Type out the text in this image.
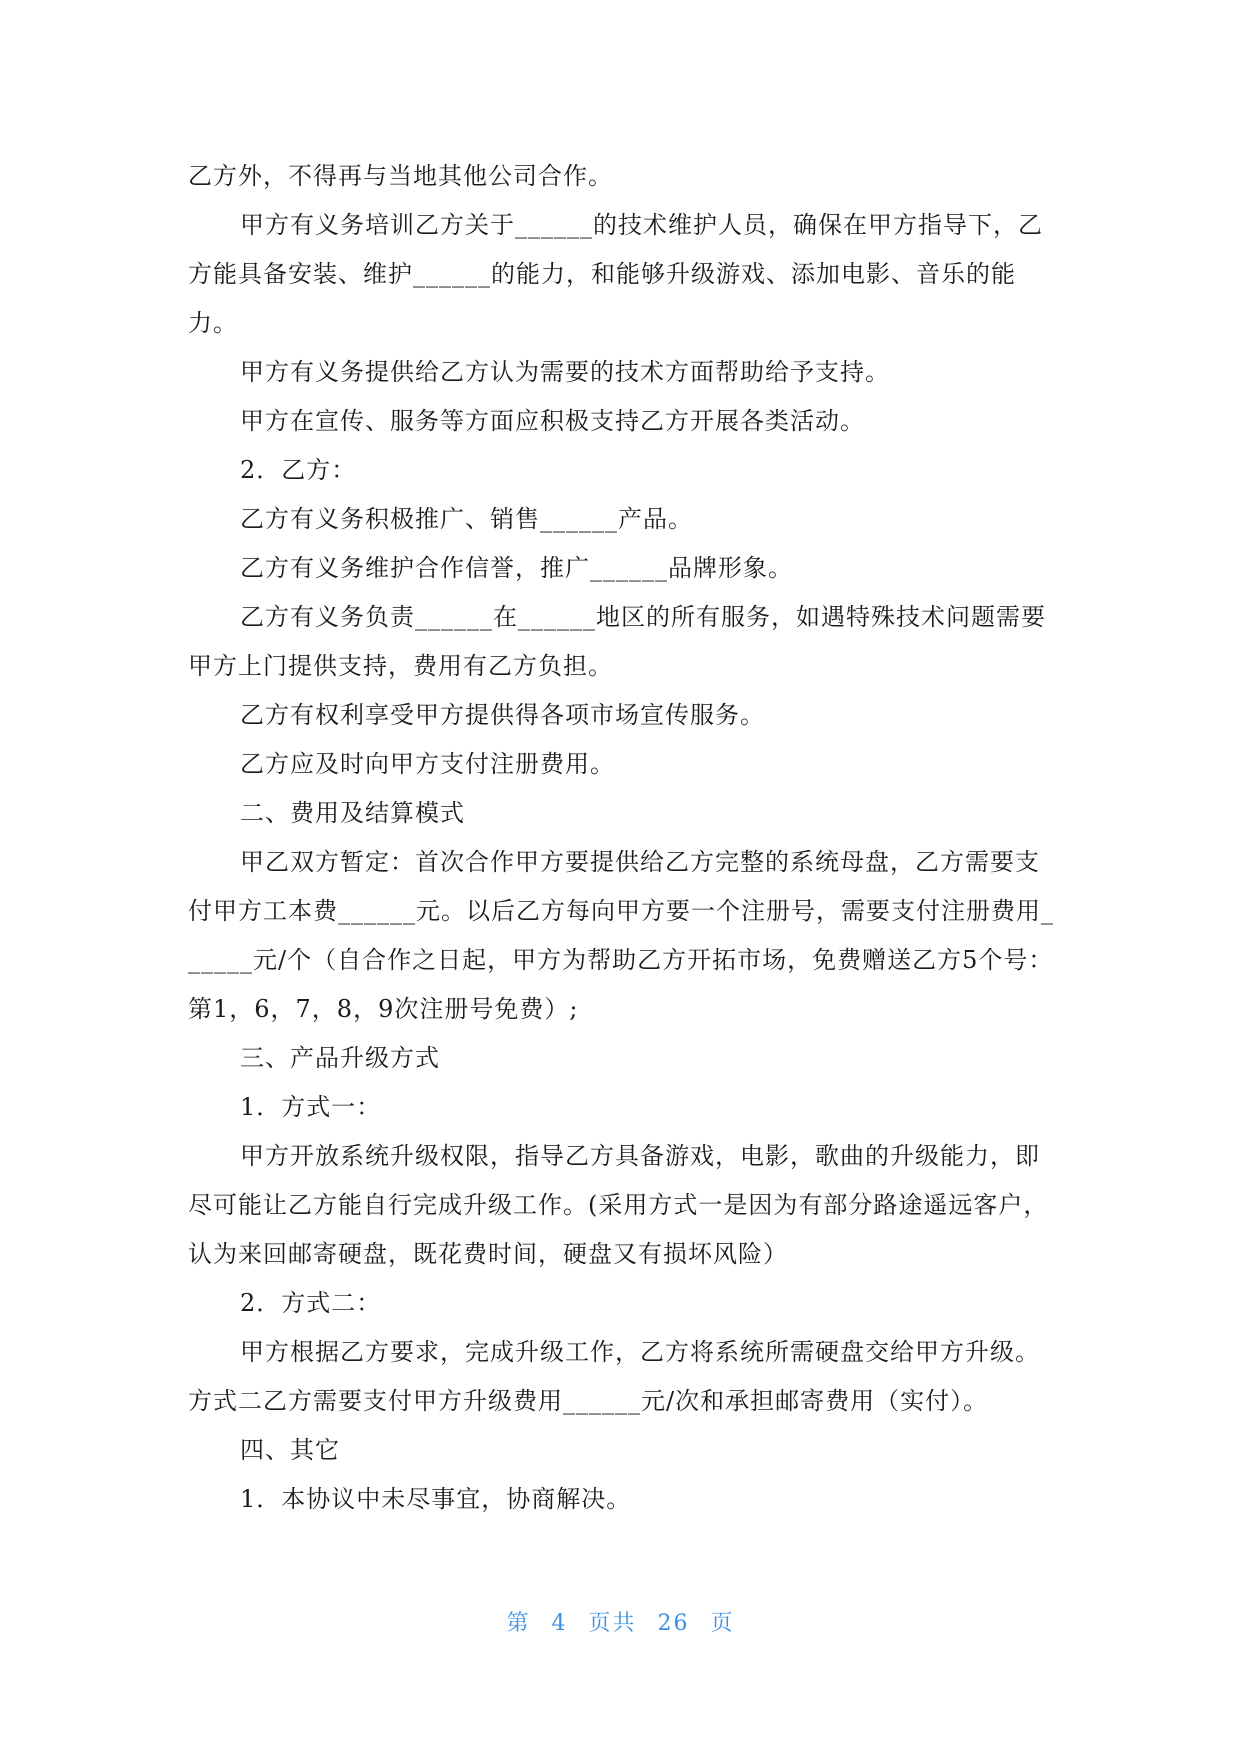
乙方外，不得再与当地其他公司合作。

甲方有义务培训乙方关于______的技术维护人员，确保在甲方指导下，乙方能具备安装、维护______的能力，和能够升级游戏、添加电影、音乐的能力。

甲方有义务提供给乙方认为需要的技术方面帮助给予支持。

甲方在宣传、服务等方面应积极支持乙方开展各类活动。

2．乙方：

乙方有义务积极推广、销售______产品。

乙方有义务维护合作信誉，推广______品牌形象。

乙方有义务负责______在______地区的所有服务，如遇特殊技术问题需要甲方上门提供支持，费用有乙方负担。

乙方有权利享受甲方提供得各项市场宣传服务。

乙方应及时向甲方支付注册费用。

二、费用及结算模式

甲乙双方暂定：首次合作甲方要提供给乙方完整的系统母盘，乙方需要支付甲方工本费______元。以后乙方每向甲方要一个注册号，需要支付注册费用______元/个（自合作之日起，甲方为帮助乙方开拓市场，免费赠送乙方5个号：第1，6，7，8，9次注册号免费）;

三、产品升级方式

1．方式一：

甲方开放系统升级权限，指导乙方具备游戏，电影，歌曲的升级能力，即尽可能让乙方能自行完成升级工作。(采用方式一是因为有部分路途遥远客户，认为来回邮寄硬盘，既花费时间，硬盘又有损坏风险）

2．方式二：

甲方根据乙方要求，完成升级工作，乙方将系统所需硬盘交给甲方升级。方式二乙方需要支付甲方升级费用______元/次和承担邮寄费用（实付）。

四、其它

1．本协议中未尽事宜，协商解决。

第 4 页共 26 页
